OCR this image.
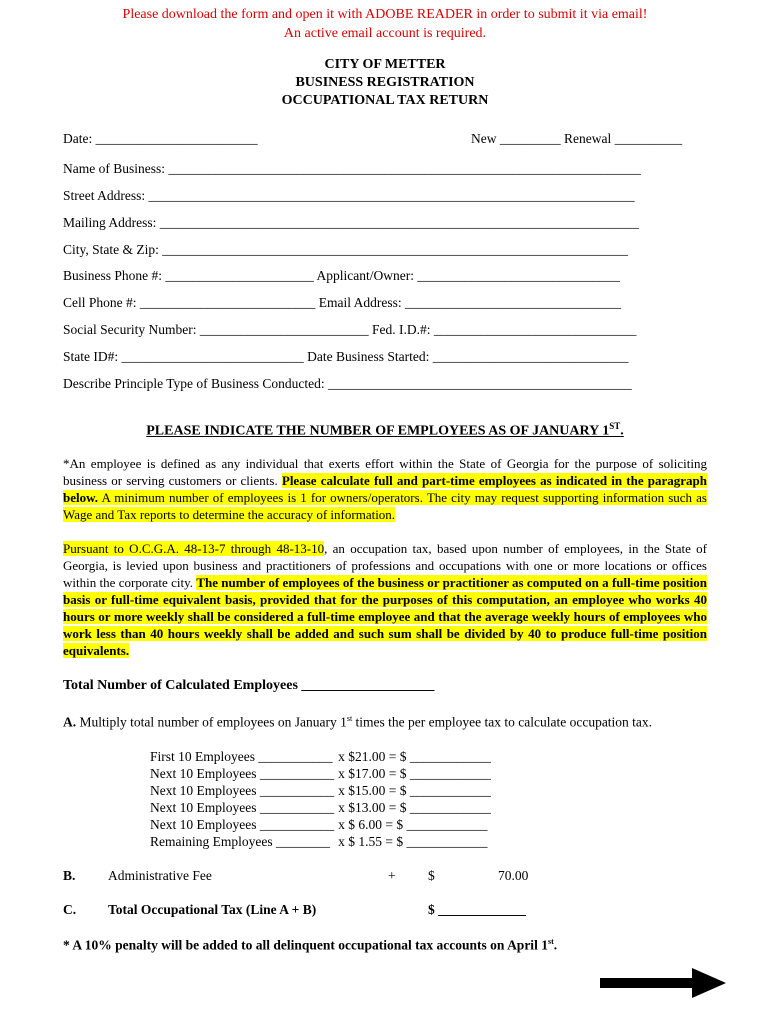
Please download the form and open it with ADOBE READER in order to submit it via email!
An active email account is required.
CITY OF METTER
BUSINESS REGISTRATION
OCCUPATIONAL TAX RETURN
Date: ________________________	New _________ Renewal __________
Name of Business: ______________________________________________________________________
Street Address: ________________________________________________________________________
Mailing Address: _______________________________________________________________________
City, State & Zip: _____________________________________________________________________
Business Phone #: ______________________ Applicant/Owner: ______________________________
Cell Phone #: __________________________ Email Address: ________________________________
Social Security Number: _________________________ Fed. I.D.#: ______________________________
State ID#: ___________________________ Date Business Started: _____________________________
Describe Principle Type of Business Conducted: _____________________________________________
PLEASE INDICATE THE NUMBER OF EMPLOYEES AS OF JANUARY 1ST.
*An employee is defined as any individual that exerts effort within the State of Georgia for the purpose of soliciting business or serving customers or clients. Please calculate full and part-time employees as indicated in the paragraph below. A minimum number of employees is 1 for owners/operators. The city may request supporting information such as Wage and Tax reports to determine the accuracy of information.
Pursuant to O.C.G.A. 48-13-7 through 48-13-10, an occupation tax, based upon number of employees, in the State of Georgia, is levied upon business and practitioners of professions and occupations with one or more locations or offices within the corporate city. The number of employees of the business or practitioner as computed on a full-time position basis or full-time equivalent basis, provided that for the purposes of this computation, an employee who works 40 hours or more weekly shall be considered a full-time employee and that the average weekly hours of employees who work less than 40 hours weekly shall be added and such sum shall be divided by 40 to produce full-time position equivalents.
Total Number of Calculated Employees ___________________
A. Multiply total number of employees on January 1st times the per employee tax to calculate occupation tax.
First 10 Employees ___________	x $21.00 = $ ____________
Next 10 Employees ___________	x $17.00 = $ ____________
Next 10 Employees ___________	x $15.00 = $ ____________
Next 10 Employees ___________	x $13.00 = $ ____________
Next 10 Employees ___________	x $ 6.00 = $ ____________
Remaining Employees ________	x $ 1.55 = $ ____________
B. Administrative Fee	+ $	70.00
C. Total Occupational Tax (Line A + B)	$ _____________
* A 10% penalty will be added to all delinquent occupational tax accounts on April 1st.
